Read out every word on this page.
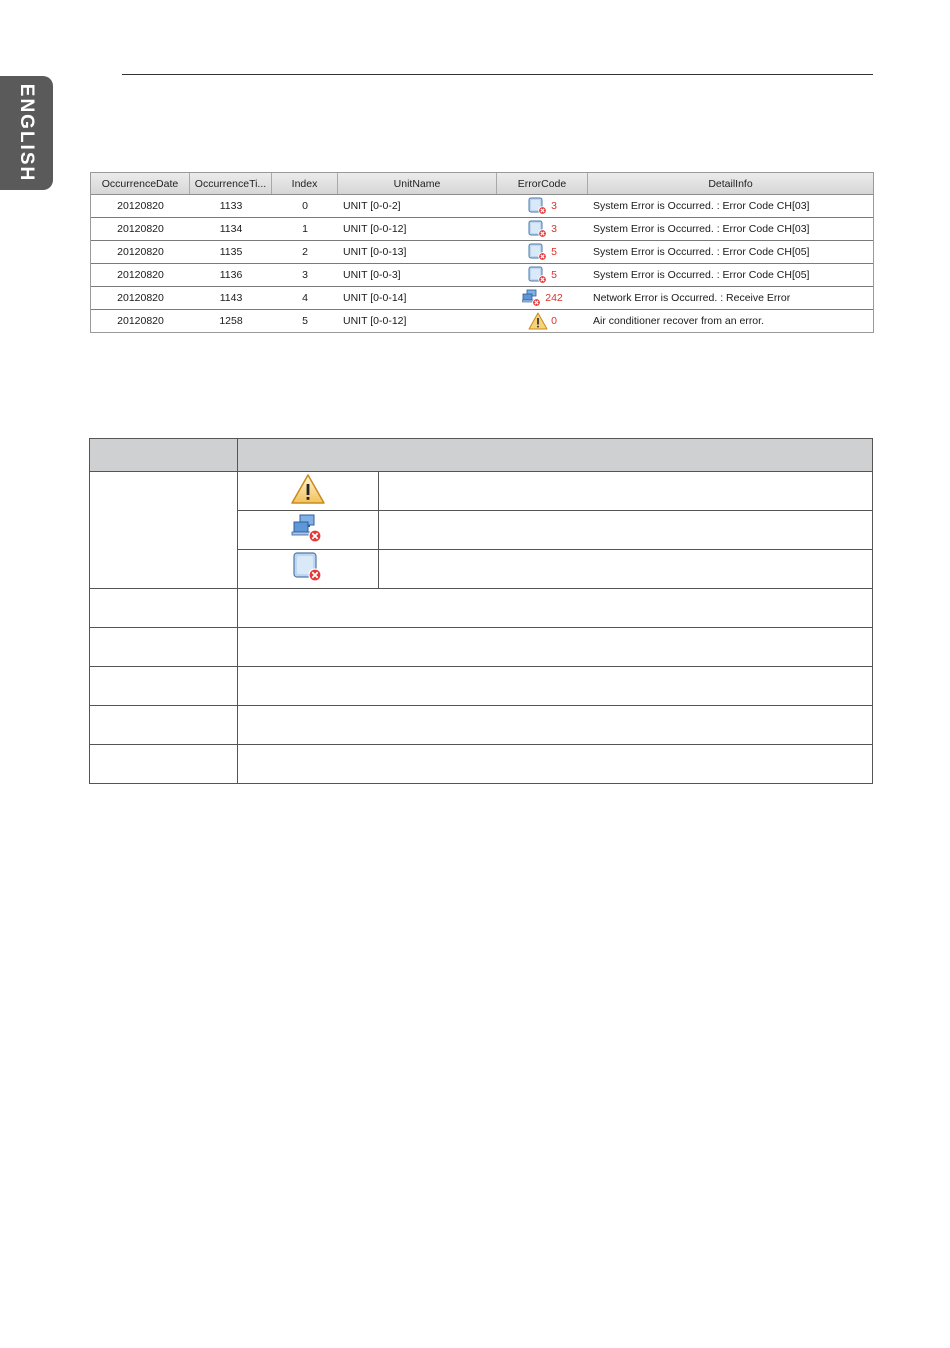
ENGLISH
OccurrenceDate	OccurrenceTi...	Index	UnitName	ErrorCode	DetailInfo
20120820	1133	0	UNIT [0-0-2]	3	System Error is Occurred. : Error Code CH[03]
20120820	1134	1	UNIT [0-0-12]	3	System Error is Occurred. : Error Code CH[03]
20120820	1135	2	UNIT [0-0-13]	5	System Error is Occurred. : Error Code CH[05]
20120820	1136	3	UNIT [0-0-3]	5	System Error is Occurred. : Error Code CH[05]
20120820	1143	4	UNIT [0-0-14]	242	Network Error is Occurred. : Receive Error
20120820	1258	5	UNIT [0-0-12]	0	Air conditioner recover from an error.
